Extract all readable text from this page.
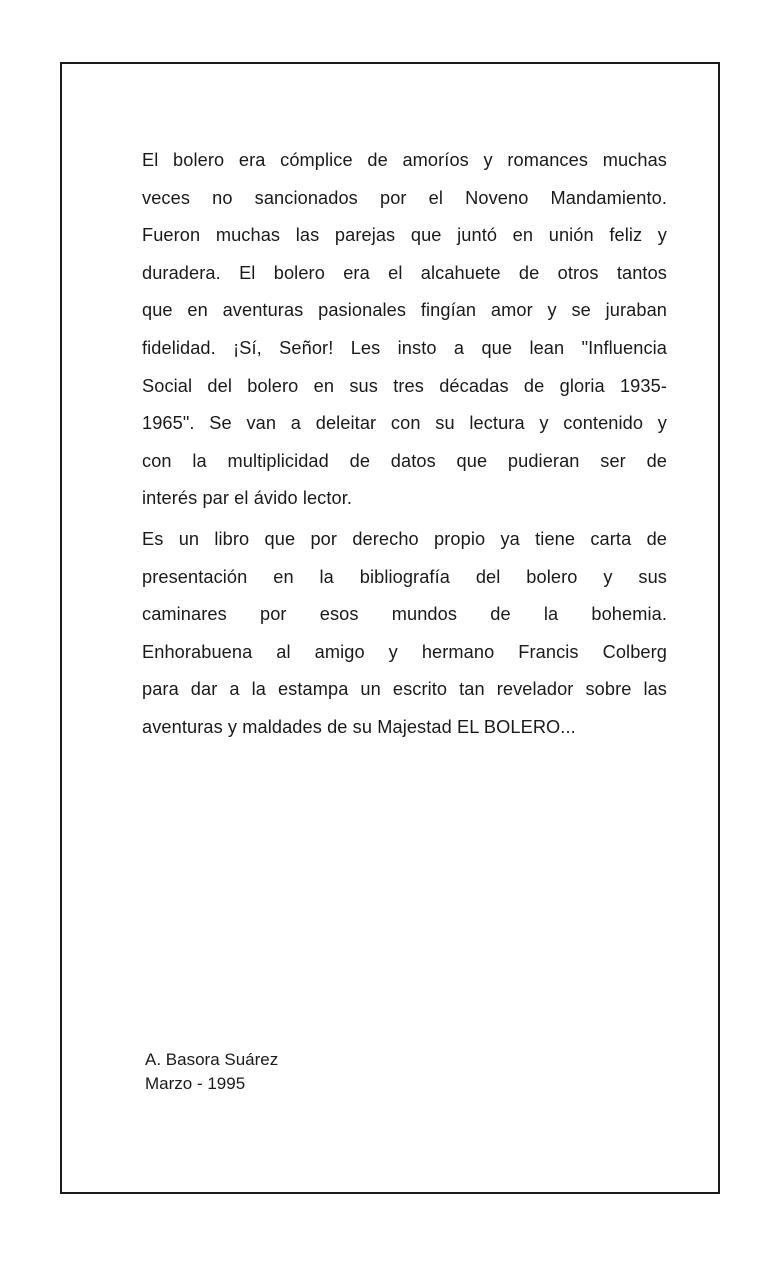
El bolero era cómplice de amoríos y romances muchas
veces no sancionados por el Noveno Mandamiento.
Fueron muchas las parejas que juntó en unión feliz y
duradera. El bolero era el alcahuete de otros tantos
que en aventuras pasionales fingían amor y se juraban
fidelidad. ¡Sí, Señor! Les insto a que lean "Influencia
Social del bolero en sus tres décadas de gloria 1935-
1965". Se van a deleitar con su lectura y contenido y
con la multiplicidad de datos que pudieran ser de
interés par el ávido lector.

Es un libro que por derecho propio ya tiene carta de
presentación en la bibliografía del bolero y sus
caminares por esos mundos de la bohemia.
Enhorabuena al amigo y hermano Francis Colberg
para dar a la estampa un escrito tan revelador sobre las
aventuras y maldades de su Majestad EL BOLERO...

A. Basora Suárez
Marzo - 1995
